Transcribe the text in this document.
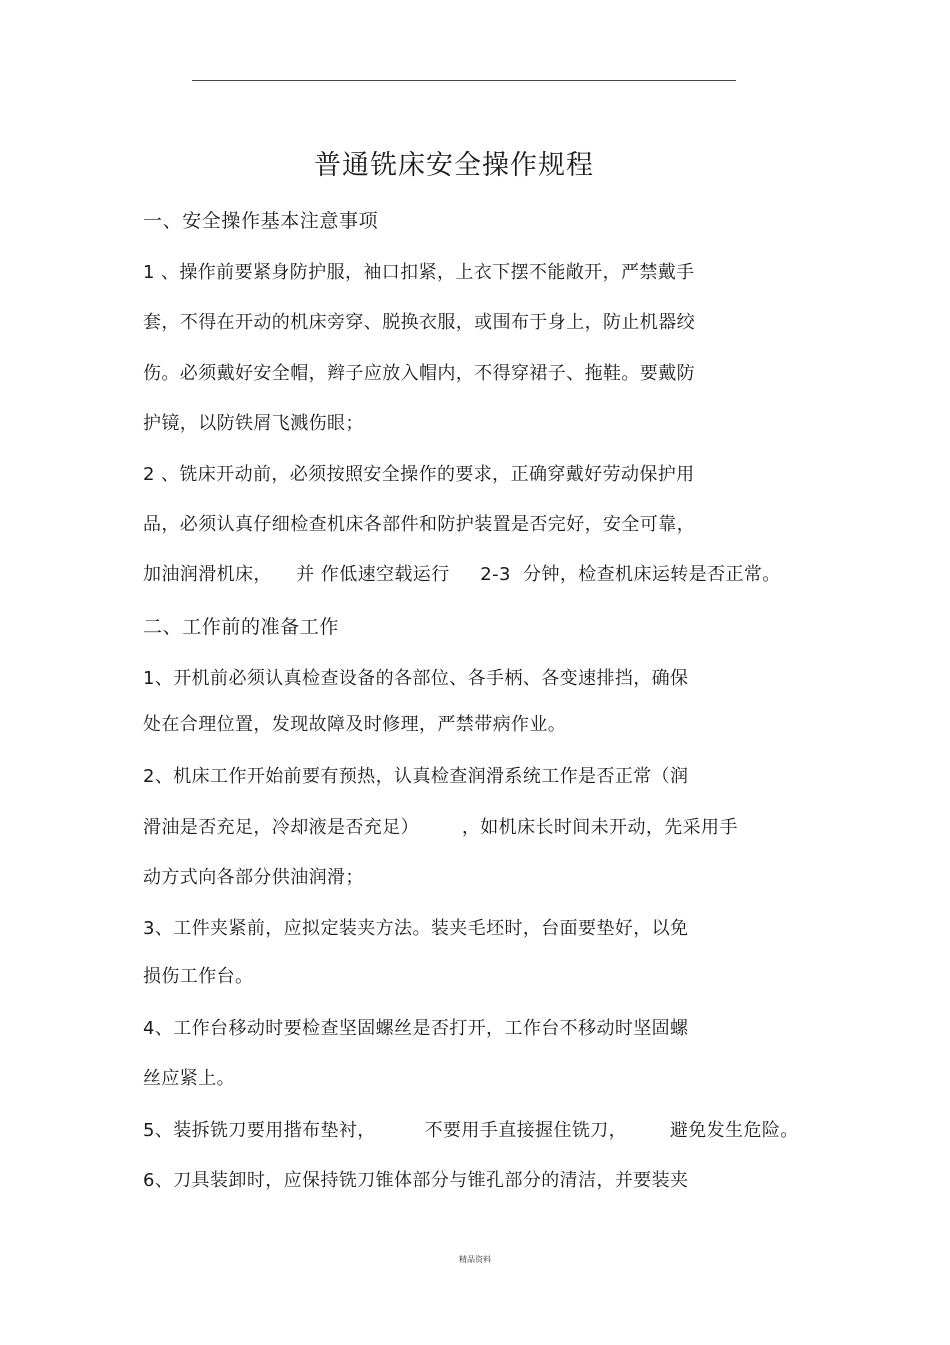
普通铣床安全操作规程
一、安全操作基本注意事项
1 、操作前要紧身防护服，袖口扣紧，上衣下摆不能敞开，严禁戴手
套，不得在开动的机床旁穿、脱换衣服，或围布于身上，防止机器绞
伤。必须戴好安全帽，辫子应放入帽内，不得穿裙子、拖鞋。要戴防
护镜，以防铁屑飞溅伤眼；
2 、铣床开动前，必须按照安全操作的要求，正确穿戴好劳动保护用
品，必须认真仔细检查机床各部件和防护装置是否完好，安全可靠，
加油润滑机床，    并 作低速空载运行     2-3  分钟，检查机床运转是否正常。
二、工作前的准备工作
1、开机前必须认真检查设备的各部位、各手柄、各变速排挡，确保
处在合理位置，发现故障及时修理，严禁带病作业。
2、机床工作开始前要有预热，认真检查润滑系统工作是否正常（润
滑油是否充足，冷却液是否充足）       ，如机床长时间未开动，先采用手
动方式向各部分供油润滑；
3、工件夹紧前，应拟定装夹方法。装夹毛坯时，台面要垫好，以免
损伤工作台。
4、工作台移动时要检查坚固螺丝是否打开，工作台不移动时坚固螺
丝应紧上。
5、装拆铣刀要用揩布垫衬，        不要用手直接握住铣刀，       避免发生危险。
6、刀具装卸时，应保持铣刀锥体部分与锥孔部分的清洁，并要装夹
精品资料
